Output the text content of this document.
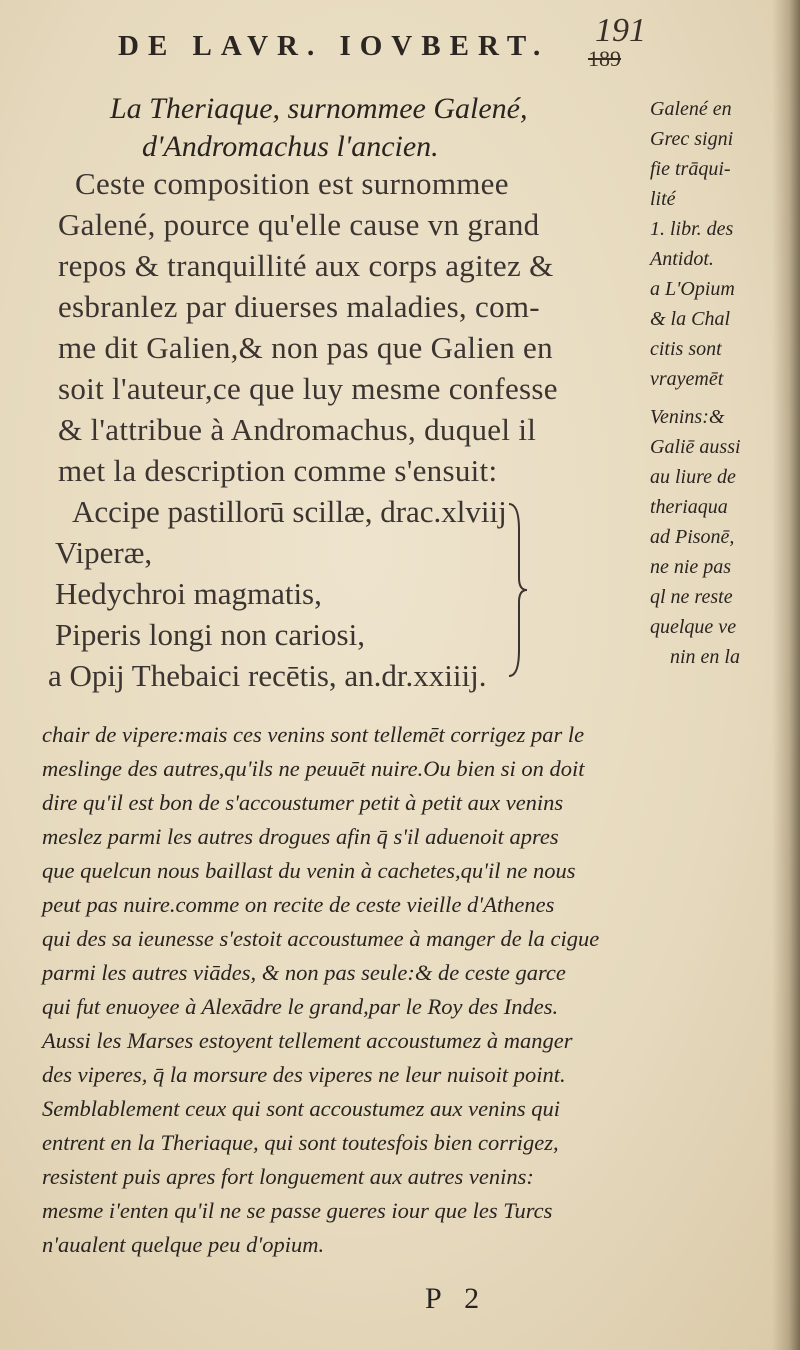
DE LAVR. IOVBERT. 191
189
La Theriaque, surnommee Galené,
d'Andromachus l'ancien.
Ceste composition est surnommee
Galené, pource qu'elle cause vn grand
repos & tranquillité aux corps agitez &
esbranlez par diuerses maladies, com-
me dit Galien,& non pas que Galien en
soit l'auteur,ce que luy mesme confesse
& l'attribue à Andromachus, duquel il
met la description comme s'ensuit:
Accipe pastillorū scillæ, drac.xlviij
Viperæ,
Hedychroi magmatis,
Piperis longi non cariosi,
a Opij Thebaici recētis, an.dr.xxiiij.
chair de vipere:mais ces venins sont tellemēt corrigez par le
meslinge des autres,qu'ils ne peuuēt nuire.Ou bien si on doit
dire qu'il est bon de s'accoustumer petit à petit aux venins
meslez parmi les autres drogues afin q̄ s'il aduenoit apres
que quelcun nous baillast du venin à cachetes,qu'il ne nous
peut pas nuire.comme on recite de ceste vieille d'Athenes
qui des sa ieunesse s'estoit accoustumee à manger de la cigue
parmi les autres viādes, & non pas seule:& de ceste garce
qui fut enuoyee à Alexādre le grand,par le Roy des Indes.
Aussi les Marses estoyent tellement accoustumez à manger
des viperes, q̄ la morsure des viperes ne leur nuisoit point.
Semblablement ceux qui sont accoustumez aux venins qui
entrent en la Theriaque, qui sont toutesfois bien corrigez,
resistent puis apres fort longuement aux autres venins:
mesme i'enten qu'il ne se passe gueres iour que les Turcs
n'aualent quelque peu d'opium.
Galené en
Grec signi
fie trāqui-
lité
1. libr. des
Antidot.
a L'Opium
& la Chal
citis sont
vrayemēt
Venins:&
Galiē aussi
au liure de
theriaqua
ad Pisonē,
ne nie pas
ql ne reste
quelque ve
nin en la
P 2
